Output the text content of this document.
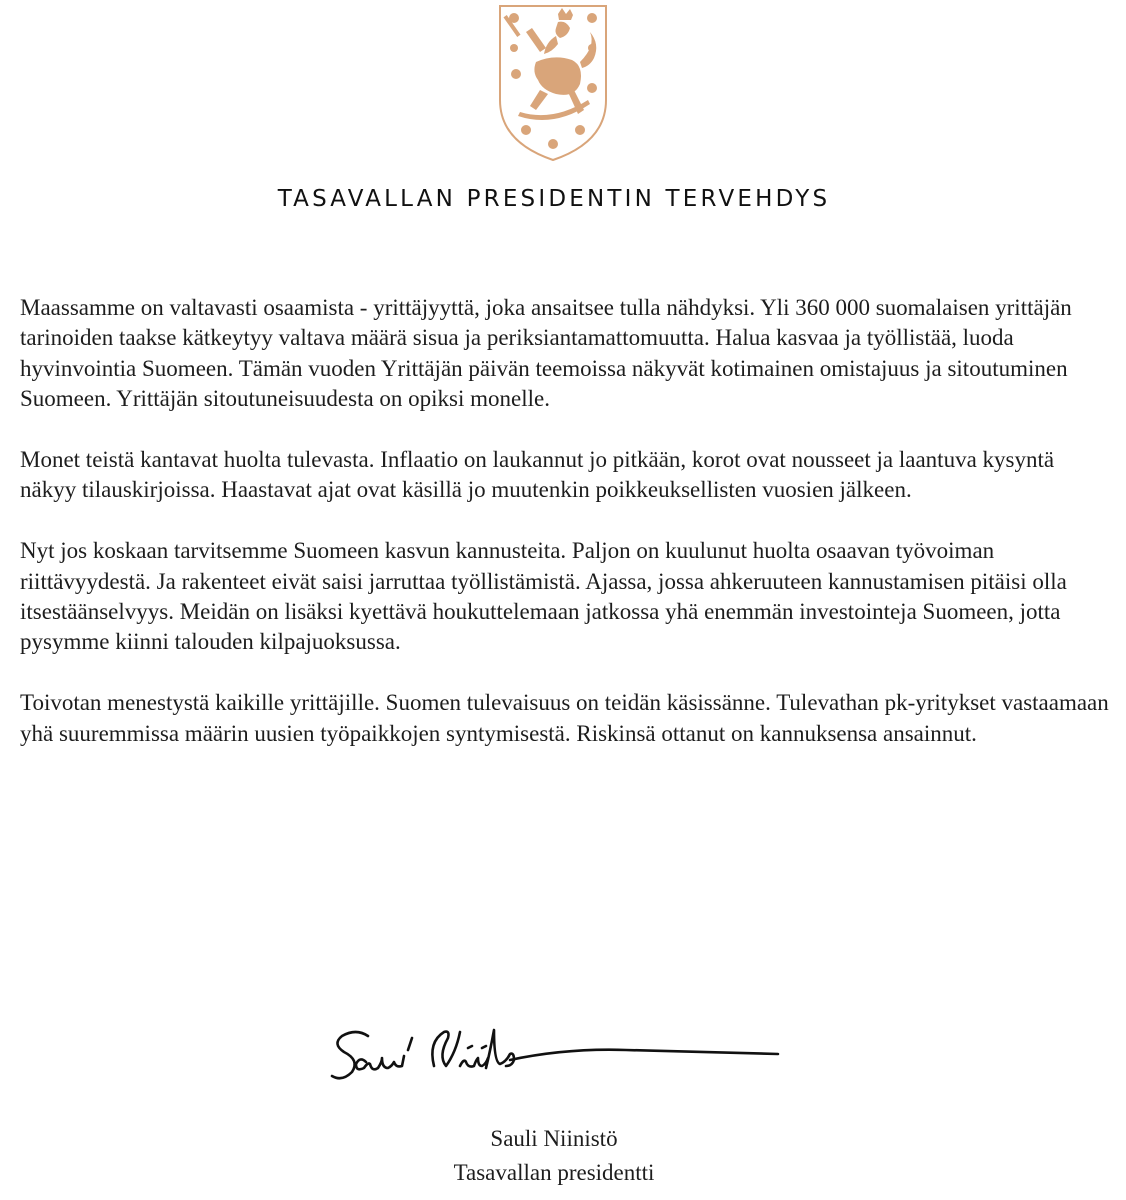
TASAVALLAN PRESIDENTIN TERVEHDYS

Maassamme on valtavasti osaamista - yrittäjyyttä, joka ansaitsee tulla nähdyksi. Yli 360 000 suomalaisen yrittäjän tarinoiden taakse kätkeytyy valtava määrä sisua ja periksiantamattomuutta. Halua kasvaa ja työllistää, luoda hyvinvointia Suomeen. Tämän vuoden Yrittäjän päivän teemoissa näkyvät kotimainen omistajuus ja sitoutuminen Suomeen. Yrittäjän sitoutuneisuudesta on opiksi monelle.

Monet teistä kantavat huolta tulevasta. Inflaatio on laukannut jo pitkään, korot ovat nousseet ja laantuva kysyntä näkyy tilauskirjoissa. Haastavat ajat ovat käsillä jo muutenkin poikkeuksellisten vuosien jälkeen.

Nyt jos koskaan tarvitsemme Suomeen kasvun kannusteita. Paljon on kuulunut huolta osaavan työvoiman riittävyydestä. Ja rakenteet eivät saisi jarruttaa työllistämistä. Ajassa, jossa ahkeruuteen kannustamisen pitäisi olla itsestäänselvyys. Meidän on lisäksi kyettävä houkuttelemaan jatkossa yhä enemmän investointeja Suomeen, jotta pysymme kiinni talouden kilpajuoksussa.

Toivotan menestystä kaikille yrittäjille. Suomen tulevaisuus on teidän käsissänne. Tulevathan pk-yritykset vastaamaan yhä suuremmissa määrin uusien työpaikkojen syntymisestä. Riskinsä ottanut on kannuksensa ansainnut.

Sauli Niinistö
Tasavallan presidentti
